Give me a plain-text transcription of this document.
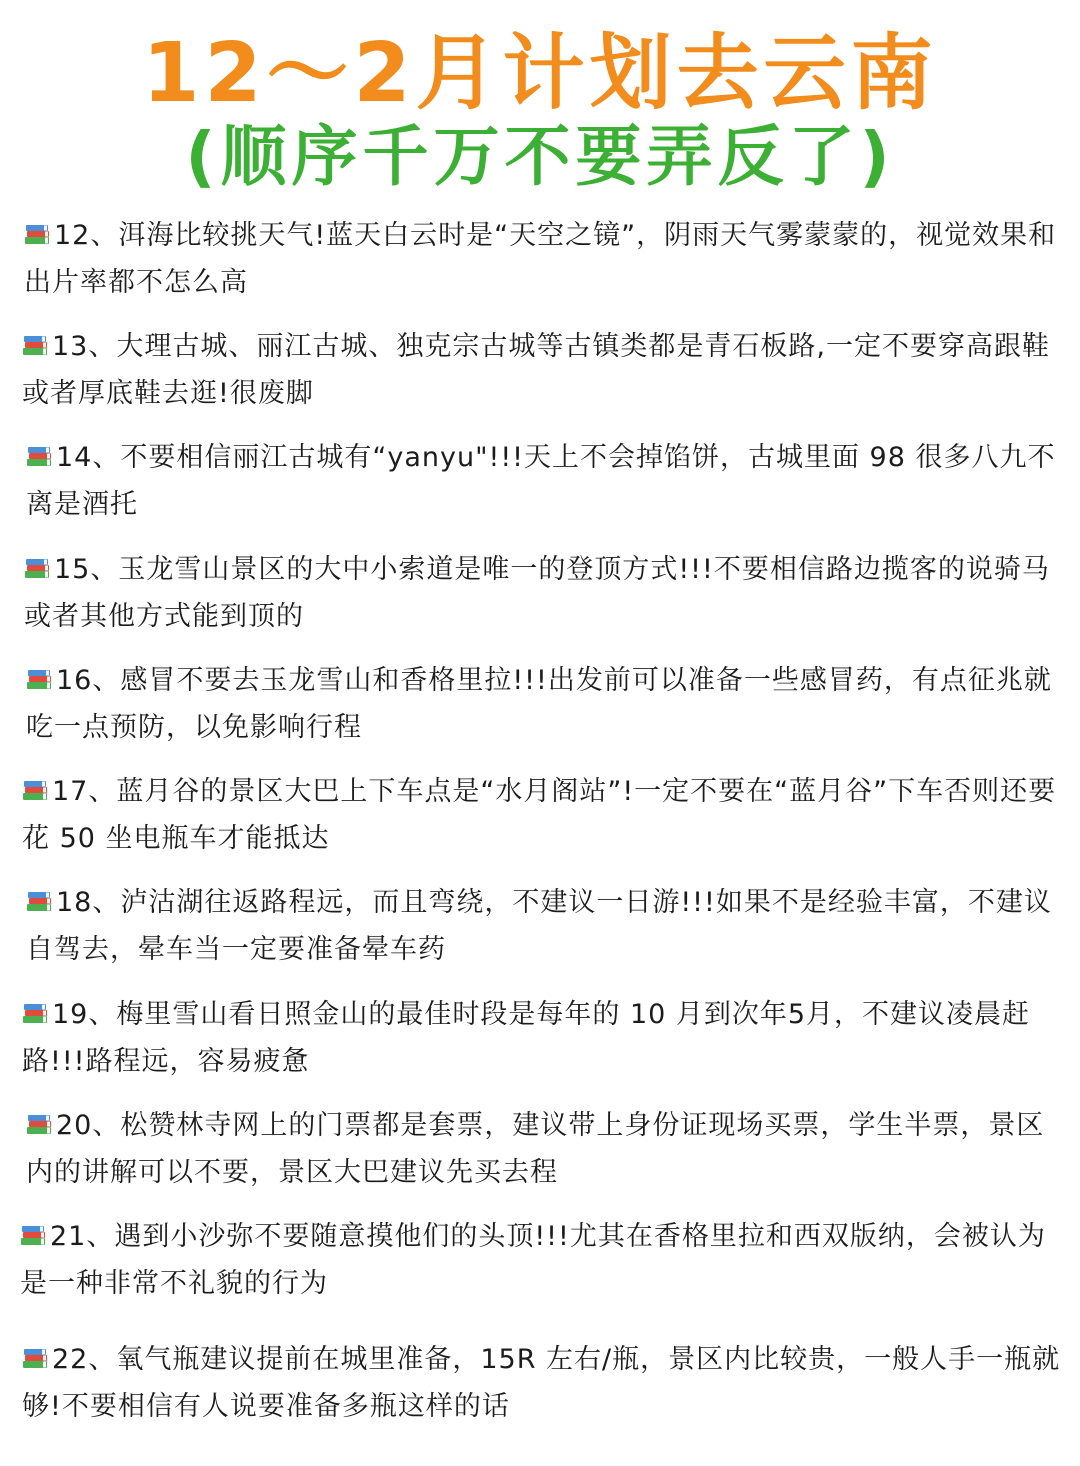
12～2月计划去云南
(顺序千万不要弄反了)
12、洱海比较挑天气!蓝天白云时是“天空之镜”，阴雨天气雾蒙蒙的，视觉效果和出片率都不怎么高
13、大理古城、丽江古城、独克宗古城等古镇类都是青石板路,一定不要穿高跟鞋或者厚底鞋去逛!很废脚
14、不要相信丽江古城有“yanyu"!!!天上不会掉馅饼，古城里面 98 很多八九不离是酒托
15、玉龙雪山景区的大中小索道是唯一的登顶方式!!!不要相信路边揽客的说骑马或者其他方式能到顶的
16、感冒不要去玉龙雪山和香格里拉!!!出发前可以准备一些感冒药，有点征兆就吃一点预防，以免影响行程
17、蓝月谷的景区大巴上下车点是“水月阁站”!一定不要在“蓝月谷”下车否则还要花 50 坐电瓶车才能抵达
18、泸沽湖往返路程远，而且弯绕，不建议一日游!!!如果不是经验丰富，不建议自驾去，晕车当一定要准备晕车药
19、梅里雪山看日照金山的最佳时段是每年的 10 月到次年5月，不建议凌晨赶路!!!路程远，容易疲惫
20、松赞林寺网上的门票都是套票，建议带上身份证现场买票，学生半票，景区内的讲解可以不要，景区大巴建议先买去程
21、遇到小沙弥不要随意摸他们的头顶!!!尤其在香格里拉和西双版纳，会被认为是一种非常不礼貌的行为
22、氧气瓶建议提前在城里准备，15R 左右/瓶，景区内比较贵，一般人手一瓶就够!不要相信有人说要准备多瓶这样的话
